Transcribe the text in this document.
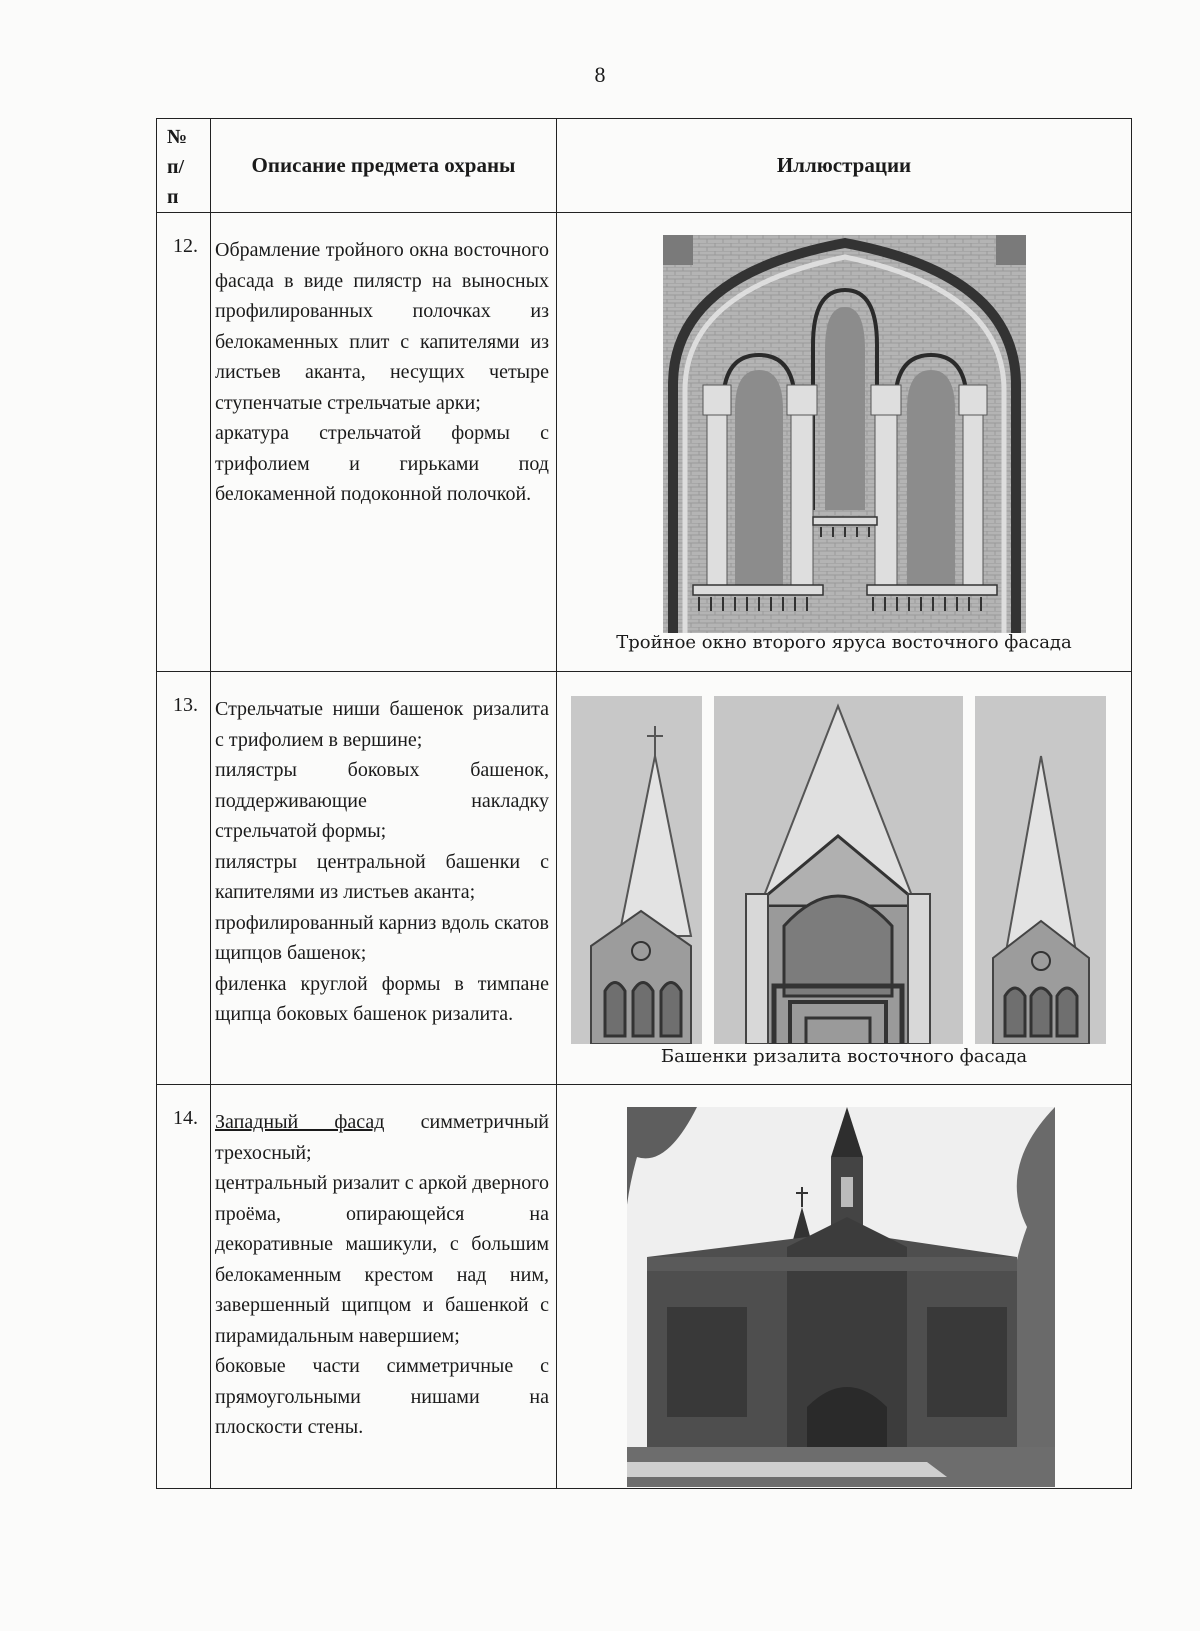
8
№
п/
п	Описание предмета охраны	Иллюстрации
12.	Обрамление тройного окна восточного фасада в виде пилястр на выносных профилированных полочках из белокаменных плит с капителями из листьев аканта, несущих четыре ступенчатые стрельчатые арки;

аркатура стрельчатой формы с трифолием и гирьками под белокаменной подоконной полочкой.	Тройное окно второго яруса восточного фасада

13.	Стрельчатые ниши башенок ризалита с трифолием в вершине;

пилястры боковых башенок, поддерживающие накладку стрельчатой формы;

пилястры центральной башенки с капителями из листьев аканта;

профилированный карниз вдоль скатов щипцов башенок;

филенка круглой формы в тимпане щипца боковых башенок ризалита.	Башенки ризалита восточного фасада

14.	Западный фасад симметричный трехосный;

центральный ризалит с аркой дверного проёма, опирающейся на декоративные машикули, с большим белокаменным крестом над ним, завершенный щипцом и башенкой с пирамидальным навершием;

боковые части симметричные с прямоугольными нишами на плоскости стены.
